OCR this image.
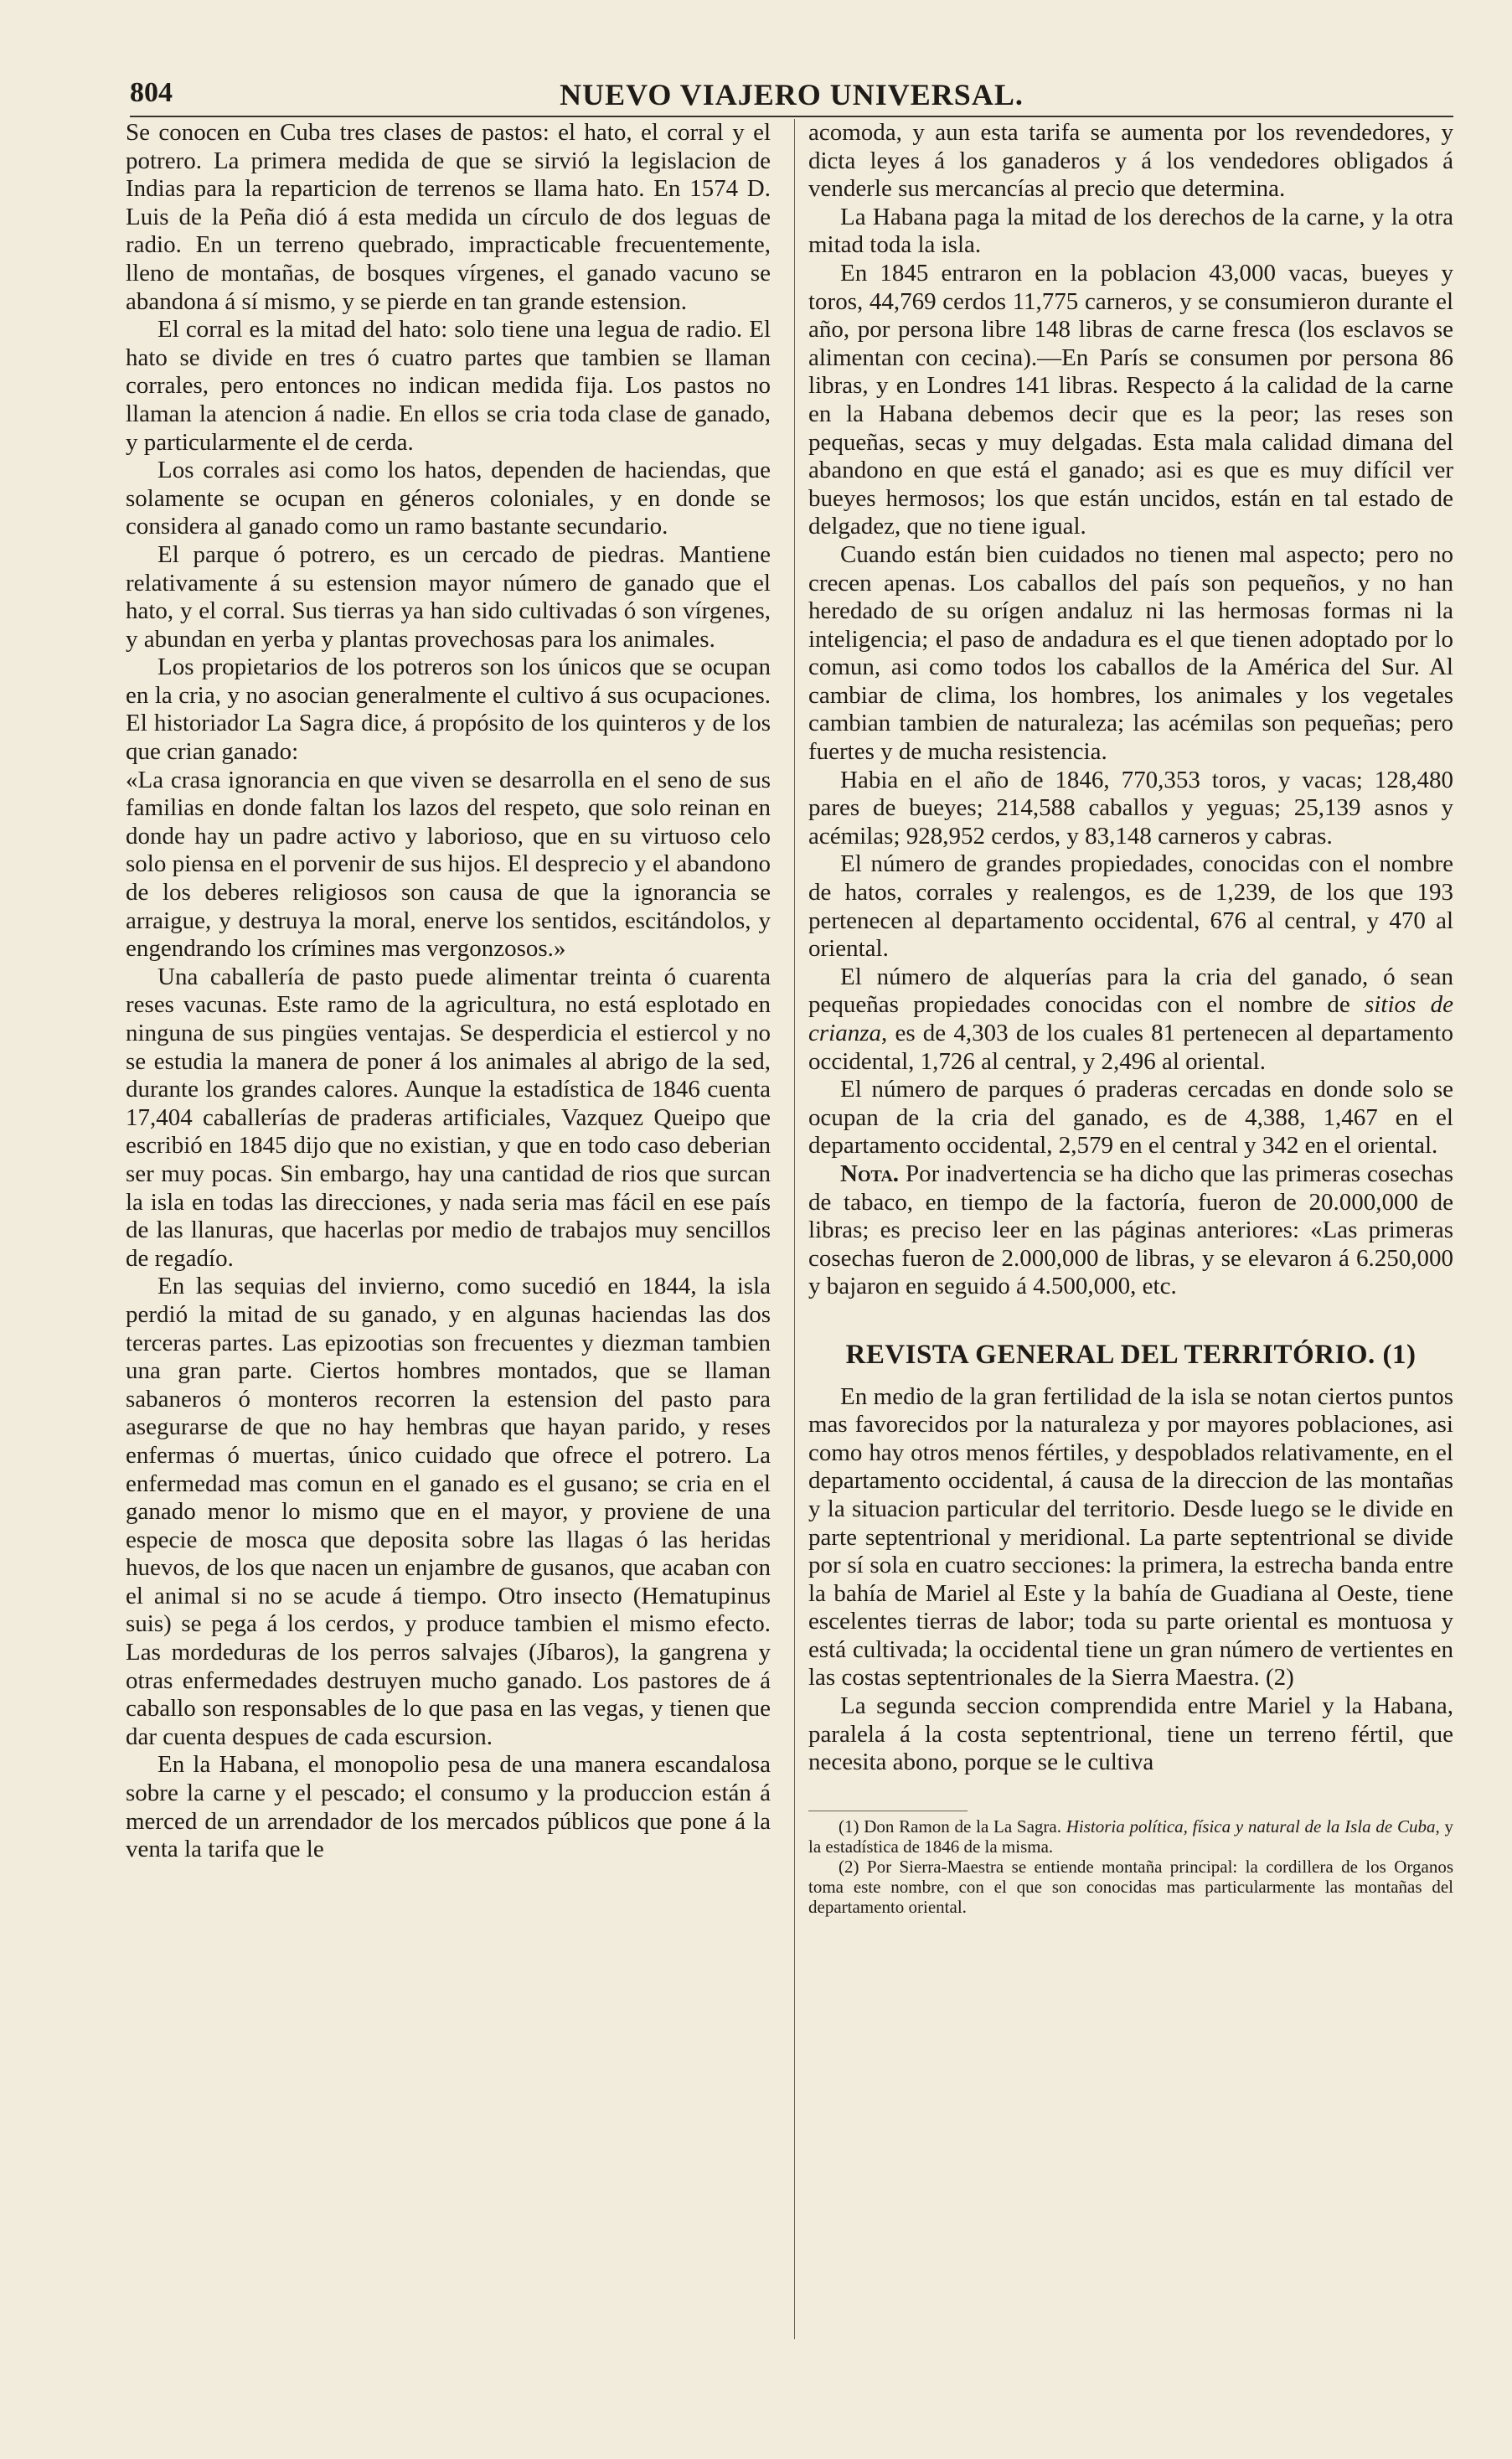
804	NUEVO VIAJERO UNIVERSAL.

Se conocen en Cuba tres clases de pastos: el hato, el corral y el potrero. La primera medida de que se sirvió la legislacion de Indias para la reparticion de terrenos se llama hato. En 1574 D. Luis de la Peña dió á esta medida un círculo de dos leguas de radio. En un terreno quebrado, impracticable frecuentemente, lleno de montañas, de bosques vírgenes, el ganado vacuno se abandona á sí mismo, y se pierde en tan grande estension.

El corral es la mitad del hato: solo tiene una legua de radio. El hato se divide en tres ó cuatro partes que tambien se llaman corrales, pero entonces no indican medida fija. Los pastos no llaman la atencion á nadie. En ellos se cria toda clase de ganado, y particularmente el de cerda.

Los corrales asi como los hatos, dependen de haciendas, que solamente se ocupan en géneros coloniales, y en donde se considera al ganado como un ramo bastante secundario.

El parque ó potrero, es un cercado de piedras. Mantiene relativamente á su estension mayor número de ganado que el hato, y el corral. Sus tierras ya han sido cultivadas ó son vírgenes, y abundan en yerba y plantas provechosas para los animales.

Los propietarios de los potreros son los únicos que se ocupan en la cria, y no asocian generalmente el cultivo á sus ocupaciones. El historiador La Sagra dice, á propósito de los quinteros y de los que crian ganado:

«La crasa ignorancia en que viven se desarrolla en el seno de sus familias en donde faltan los lazos del respeto, que solo reinan en donde hay un padre activo y laborioso, que en su virtuoso celo solo piensa en el porvenir de sus hijos. El desprecio y el abandono de los deberes religiosos son causa de que la ignorancia se arraigue, y destruya la moral, enerve los sentidos, escitándolos, y engendrando los crímines mas vergonzosos.»

Una caballería de pasto puede alimentar treinta ó cuarenta reses vacunas. Este ramo de la agricultura, no está esplotado en ninguna de sus pingües ventajas. Se desperdicia el estiercol y no se estudia la manera de poner á los animales al abrigo de la sed, durante los grandes calores. Aunque la estadística de 1846 cuenta 17,404 caballerías de praderas artificiales, Vazquez Queipo que escribió en 1845 dijo que no existian, y que en todo caso deberian ser muy pocas. Sin embargo, hay una cantidad de rios que surcan la isla en todas las direcciones, y nada seria mas fácil en ese país de las llanuras, que hacerlas por medio de trabajos muy sencillos de regadío.

En las sequias del invierno, como sucedió en 1844, la isla perdió la mitad de su ganado, y en algunas haciendas las dos terceras partes. Las epizootias son frecuentes y diezman tambien una gran parte. Ciertos hombres montados, que se llaman sabaneros ó monteros recorren la estension del pasto para asegurarse de que no hay hembras que hayan parido, y reses enfermas ó muertas, único cuidado que ofrece el potrero. La enfermedad mas comun en el ganado es el gusano; se cria en el ganado menor lo mismo que en el mayor, y proviene de una especie de mosca que deposita sobre las llagas ó las heridas huevos, de los que nacen un enjambre de gusanos, que acaban con el animal si no se acude á tiempo. Otro insecto (Hematupinus suis) se pega á los cerdos, y produce tambien el mismo efecto. Las mordeduras de los perros salvajes (Jíbaros), la gangrena y otras enfermedades destruyen mucho ganado. Los pastores de á caballo son responsables de lo que pasa en las vegas, y tienen que dar cuenta despues de cada escursion.

En la Habana, el monopolio pesa de una manera escandalosa sobre la carne y el pescado; el consumo y la produccion están á merced de un arrendador de los mercados públicos que pone á la venta la tarifa que le

acomoda, y aun esta tarifa se aumenta por los revendedores, y dicta leyes á los ganaderos y á los vendedores obligados á venderle sus mercancías al precio que determina.

La Habana paga la mitad de los derechos de la carne, y la otra mitad toda la isla.

En 1845 entraron en la poblacion 43,000 vacas, bueyes y toros, 44,769 cerdos 11,775 carneros, y se consumieron durante el año, por persona libre 148 libras de carne fresca (los esclavos se alimentan con cecina).—En París se consumen por persona 86 libras, y en Londres 141 libras. Respecto á la calidad de la carne en la Habana debemos decir que es la peor; las reses son pequeñas, secas y muy delgadas. Esta mala calidad dimana del abandono en que está el ganado; asi es que es muy difícil ver bueyes hermosos; los que están uncidos, están en tal estado de delgadez, que no tiene igual.

Cuando están bien cuidados no tienen mal aspecto; pero no crecen apenas. Los caballos del país son pequeños, y no han heredado de su orígen andaluz ni las hermosas formas ni la inteligencia; el paso de andadura es el que tienen adoptado por lo comun, asi como todos los caballos de la América del Sur. Al cambiar de clima, los hombres, los animales y los vegetales cambian tambien de naturaleza; las acémilas son pequeñas; pero fuertes y de mucha resistencia.

Habia en el año de 1846, 770,353 toros, y vacas; 128,480 pares de bueyes; 214,588 caballos y yeguas; 25,139 asnos y acémilas; 928,952 cerdos, y 83,148 carneros y cabras.

El número de grandes propiedades, conocidas con el nombre de hatos, corrales y realengos, es de 1,239, de los que 193 pertenecen al departamento occidental, 676 al central, y 470 al oriental.

El número de alquerías para la cria del ganado, ó sean pequeñas propiedades conocidas con el nombre de sitios de crianza, es de 4,303 de los cuales 81 pertenecen al departamento occidental, 1,726 al central, y 2,496 al oriental.

El número de parques ó praderas cercadas en donde solo se ocupan de la cria del ganado, es de 4,388, 1,467 en el departamento occidental, 2,579 en el central y 342 en el oriental.

Nota. Por inadvertencia se ha dicho que las primeras cosechas de tabaco, en tiempo de la factoría, fueron de 20.000,000 de libras; es preciso leer en las páginas anteriores: «Las primeras cosechas fueron de 2.000,000 de libras, y se elevaron á 6.250,000 y bajaron en seguido á 4.500,000, etc.

REVISTA GENERAL DEL TERRITÓRIO. (1)

En medio de la gran fertilidad de la isla se notan ciertos puntos mas favorecidos por la naturaleza y por mayores poblaciones, asi como hay otros menos fértiles, y despoblados relativamente, en el departamento occidental, á causa de la direccion de las montañas y la situacion particular del territorio. Desde luego se le divide en parte septentrional y meridional. La parte septentrional se divide por sí sola en cuatro secciones: la primera, la estrecha banda entre la bahía de Mariel al Este y la bahía de Guadiana al Oeste, tiene escelentes tierras de labor; toda su parte oriental es montuosa y está cultivada; la occidental tiene un gran número de vertientes en las costas septentrionales de la Sierra Maestra. (2)

La segunda seccion comprendida entre Mariel y la Habana, paralela á la costa septentrional, tiene un terreno fértil, que necesita abono, porque se le cultiva

(1) Don Ramon de la La Sagra. Historia política, física y natural de la Isla de Cuba, y la estadística de 1846 de la misma.

(2) Por Sierra-Maestra se entiende montaña principal: la cordillera de los Organos toma este nombre, con el que son conocidas mas particularmente las montañas del departamento oriental.
